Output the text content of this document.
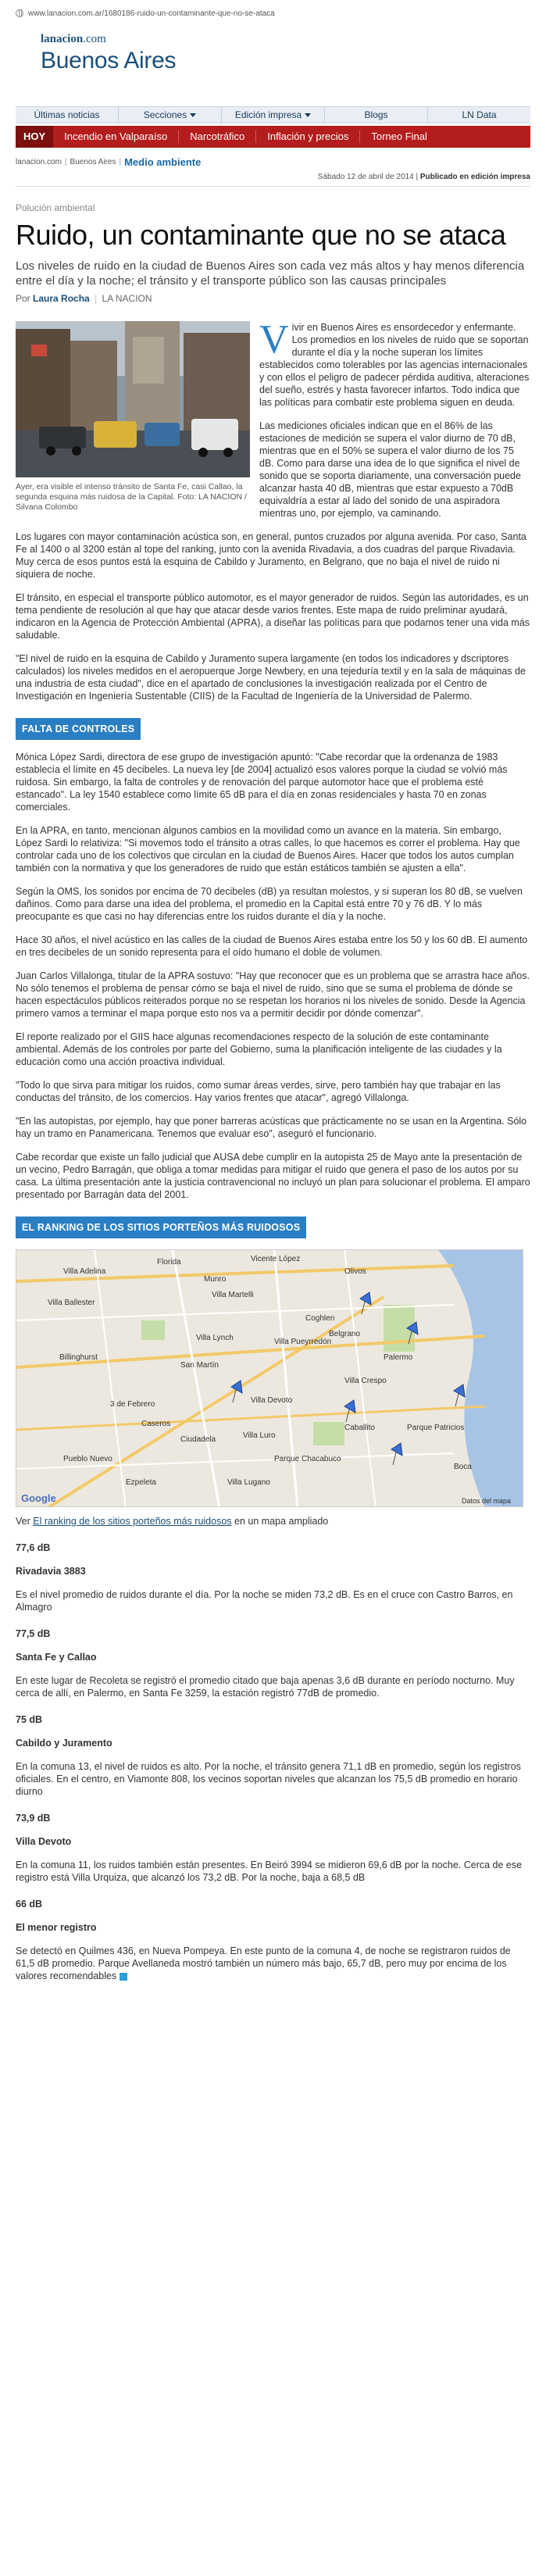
www.lanacion.com.ar/1680186-ruido-un-contaminante-que-no-se-ataca
lanacion.com
Buenos Aires
Últimas noticias	Secciones	Edición impresa	Blogs	LN Data
HOY	Incendio en Valparaíso	Narcotráfico	Inflación y precios	Torneo Final
lanacion.com | Buenos Aires | Medio ambiente
Sábado 12 de abril de 2014 | Publicado en edición impresa
Polución ambiental
Ruido, un contaminante que no se ataca
Los niveles de ruido en la ciudad de Buenos Aires son cada vez más altos y hay menos diferencia entre el día y la noche; el tránsito y el transporte público son las causas principales
Por Laura Rocha | LA NACION
Ayer, era visible el intenso tránsito de Santa Fe, casi Callao, la segunda esquina más ruidosa de la Capital. Foto: LA NACION / Silvana Colombo

Vivir en Buenos Aires es ensordecedor y enfermante. Los promedios en los niveles de ruido que se soportan durante el día y la noche superan los límites establecidos como tolerables por las agencias internacionales y con ellos el peligro de padecer pérdida auditiva, alteraciones del sueño, estrés y hasta favorecer infartos. Todo indica que las políticas para combatir este problema siguen en deuda.

Las mediciones oficiales indican que en el 86% de las estaciones de medición se supera el valor diurno de 70 dB, mientras que en el 50% se supera el valor diurno de los 75 dB. Como para darse una idea de lo que significa el nivel de sonido que se soporta diariamente, una conversación puede alcanzar hasta 40 dB, mientras que estar expuesto a 70dB equivaldría a estar al lado del sonido de una aspiradora mientras uno, por ejemplo, va caminando.

Los lugares con mayor contaminación acústica son, en general, puntos cruzados por alguna avenida. Por caso, Santa Fe al 1400 o al 3200 están al tope del ranking, junto con la avenida Rivadavia, a dos cuadras del parque Rivadavia. Muy cerca de esos puntos está la esquina de Cabildo y Juramento, en Belgrano, que no baja el nivel de ruido ni siquiera de noche.

El tránsito, en especial el transporte público automotor, es el mayor generador de ruidos. Según las autoridades, es un tema pendiente de resolución al que hay que atacar desde varios frentes. Este mapa de ruido preliminar ayudará, indicaron en la Agencia de Protección Ambiental (APRA), a diseñar las políticas para que podamos tener una vida más saludable.

"El nivel de ruido en la esquina de Cabildo y Juramento supera largamente (en todos los indicadores y dscriptores calculados) los niveles medidos en el aeropuerque Jorge Newbery, en una tejeduría textil y en la sala de máquinas de una industria de esta ciudad", dice en el apartado de conclusiones la investigación realizada por el Centro de Investigación en Ingeniería Sustentable (CIIS) de la Facultad de Ingeniería de la Universidad de Palermo.

FALTA DE CONTROLES

Mónica López Sardi, directora de ese grupo de investigación apuntó: "Cabe recordar que la ordenanza de 1983 establecía el límite en 45 decibeles. La nueva ley [de 2004] actualizó esos valores porque la ciudad se volvió más ruidosa. Sin embargo, la falta de controles y de renovación del parque automotor hace que el problema esté estancado". La ley 1540 establece como límite 65 dB para el día en zonas residenciales y hasta 70 en zonas comerciales.

En la APRA, en tanto, mencionan algunos cambios en la movilidad como un avance en la materia. Sin embargo, López Sardi lo relativiza: "Si movemos todo el tránsito a otras calles, lo que hacemos es correr el problema. Hay que controlar cada uno de los colectivos que circulan en la ciudad de Buenos Aires. Hacer que todos los autos cumplan también con la normativa y que los generadores de ruido que están estáticos también se ajusten a ella".

Según la OMS, los sonidos por encima de 70 decibeles (dB) ya resultan molestos, y si superan los 80 dB, se vuelven dañinos. Como para darse una idea del problema, el promedio en la Capital está entre 70 y 76 dB. Y lo más preocupante es que casi no hay diferencias entre los ruidos durante el día y la noche.

Hace 30 años, el nivel acústico en las calles de la ciudad de Buenos Aires estaba entre los 50 y los 60 dB. El aumento en tres decibeles de un sonido representa para el oído humano el doble de volumen.

Juan Carlos Villalonga, titular de la APRA sostuvo: "Hay que reconocer que es un problema que se arrastra hace años. No sólo tenemos el problema de pensar cómo se baja el nivel de ruido, sino que se suma el problema de dónde se hacen espectáculos públicos reiterados porque no se respetan los horarios ni los niveles de sonido. Desde la Agencia primero vamos a terminar el mapa porque esto nos va a permitir decidir por dónde comenzar".

El reporte realizado por el GIIS hace algunas recomendaciones respecto de la solución de este contaminante ambiental. Además de los controles por parte del Gobierno, suma la planificación inteligente de las ciudades y la educación como una acción proactiva individual.

"Todo lo que sirva para mitigar los ruidos, como sumar áreas verdes, sirve, pero también hay que trabajar en las conductas del tránsito, de los comercios. Hay varios frentes que atacar", agregó Villalonga.

"En las autopistas, por ejemplo, hay que poner barreras acústicas que prácticamente no se usan en la Argentina. Sólo hay un tramo en Panamericana. Tenemos que evaluar eso", aseguró el funcionario.

Cabe recordar que existe un fallo judicial que AUSA debe cumplir en la autopista 25 de Mayo ante la presentación de un vecino, Pedro Barragán, que obliga a tomar medidas para mitigar el ruido que genera el paso de los autos por su casa. La última presentación ante la justicia contravencional no incluyó un plan para solucionar el problema. El amparo presentado por Barragán data del 2001.

EL RANKING DE LOS SITIOS PORTEÑOS MÁS RUIDOSOS
Florida	Vicente López
Munro
Olivos
Villa Martelli
Villa Ballester
Villa Adelina
Villa Lynch
San Martín
Billinghurst
Villa Pueyrredón
Coghlen
Belgrano
Palermo
Villa Devoto
Villa Crespo
3 de Febrero
Caseros
Ciudadela	Villa Luro
Parque Chacabuco
Villa Lugano
Caballito	Parque Patricios
Boca
Pueblo Nuevo
Ezpeleta
Google	Datos del mapa
Ver El ranking de los sitios porteños más ruidosos en un mapa ampliado
77,6 dB
Rivadavia 3883

Es el nivel promedio de ruidos durante el día. Por la noche se miden 73,2 dB. Es en el cruce con Castro Barros, en Almagro

77,5 dB
Santa Fe y Callao

En este lugar de Recoleta se registró el promedio citado que baja apenas 3,6 dB durante en período nocturno. Muy cerca de allí, en Palermo, en Santa Fe 3259, la estación registró 77dB de promedio.

75 dB
Cabildo y Juramento

En la comuna 13, el nivel de ruidos es alto. Por la noche, el tránsito genera 71,1 dB en promedio, según los registros oficiales. En el centro, en Viamonte 808, los vecinos soportan niveles que alcanzan los 75,5 dB promedio en horario diurno

73,9 dB
Villa Devoto

En la comuna 11, los ruidos también están presentes. En Beiró 3994 se midieron 69,6 dB por la noche. Cerca de ese registro está Villa Urquiza, que alcanzó los 73,2 dB. Por la noche, baja a 68,5 dB

66 dB
El menor registro

Se detectó en Quilmes 436, en Nueva Pompeya. En este punto de la comuna 4, de noche se registraron ruidos de 61,5 dB promedio. Parque Avellaneda mostró también un número más bajo, 65,7 dB, pero muy por encima de los valores recomendables
